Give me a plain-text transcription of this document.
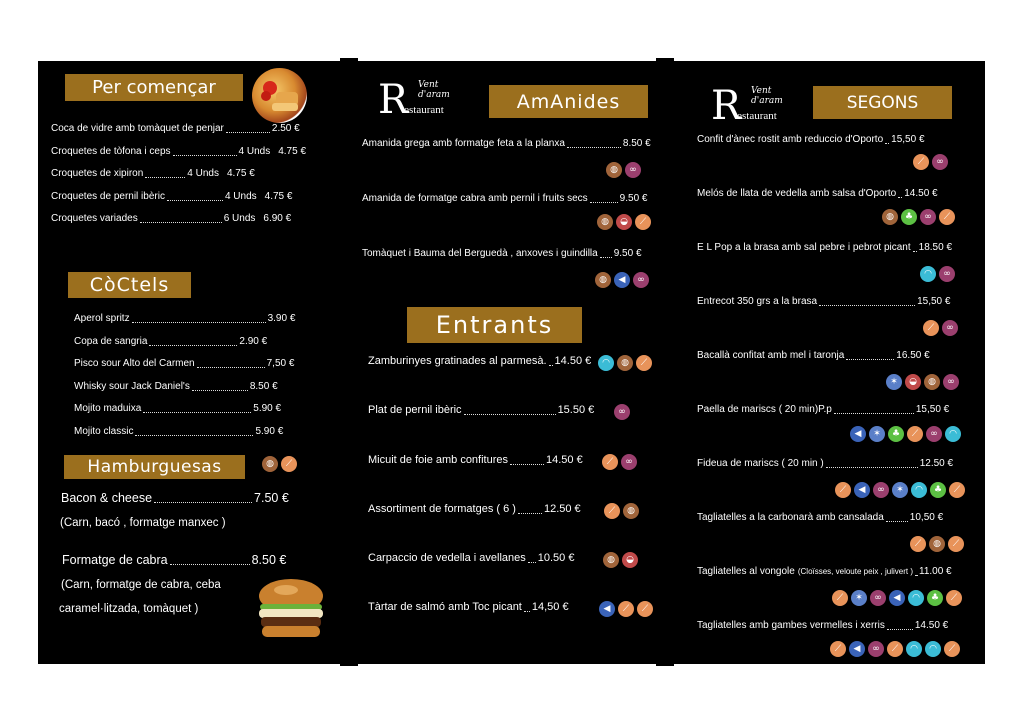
Per començar
CòCtels
Hamburguesas	◍	⟋
Bacon & cheese	7.50 €
(Carn, bacó , formatge manxec )
Formatge de cabra	8.50 €
(Carn, formatge de cabra, ceba
caramel·litzada, tomàquet )
R
estaurant
Vent d'aram	AmAnides
Entrants
R
estaurant
Vent d'aram	SEGONS
Coca de vidre amb tomàquet de penjar	2.50 €
Croquetes de tòfona i ceps	4 Unds 4.75 €
Croquetes de xipiron	4 Unds 4.75 €
Croquetes de pernil ibèric	4 Unds 4.75 €
Croquetes variades	6 Unds 6.90 €
Aperol spritz	3.90 €
Copa de sangria	2.90 €
Pisco sour Alto del Carmen	7,50 €
Whisky sour Jack Daniel's	8.50 €
Mojito maduixa	5.90 €
Mojito classic	5.90 €
Amanida grega amb formatge feta a la planxa	8.50 €
◍	∞
Amanida de formatge cabra amb pernil i fruits secs	9.50 €
◍	◒	⟋
Tomàquet i Bauma del Berguedà , anxoves i guindilla 9.50 €
◍	◀	∞
Zamburinyes gratinades al parmesà. 14.50 €	◠	◍	⟋
Plat de pernil ibèric	15.50 €	∞
Micuit de foie amb confitures	14.50 €	⟋	∞
Assortiment de formatges ( 6 )	12.50 €	⟋	◍
Carpaccio de vedella i avellanes 10.50 €	◍	◒
Tàrtar de salmó amb Toc picant 14,50 €	◀	⟋	⟋
Confit d'ànec rostit amb reduccio d'Oporto 15,50 €
⟋	∞
Melós de llata de vedella amb salsa d'Oporto 14.50 €
◍	♣	∞	⟋
E L Pop a la brasa amb sal pebre i pebrot picant 18.50 €
◠	∞
Entrecot 350 grs a la brasa	15,50 €
⟋	∞
Bacallà confitat amb mel i taronja	16.50 €
✶	◒	◍	∞
Paella de mariscs ( 20 min)P.p	15,50 €
◀	✶	♣	⟋	∞	◠
Fideua de mariscs ( 20 min )	12.50 €
⟋	◀	∞	✶	◠	♣	⟋
Tagliatelles a la carbonarà amb cansalada	10,50 €
⟋	◍	⟋
Tagliatelles al vongole (Cloïsses, veloute peix , julivert ) 11.00 €
⟋	✶	∞	◀	◠	♣	⟋
Tagliatelles amb gambes vermelles i xerris	14.50 €
⟋	◀	∞	⟋	◠	◠	⟋
